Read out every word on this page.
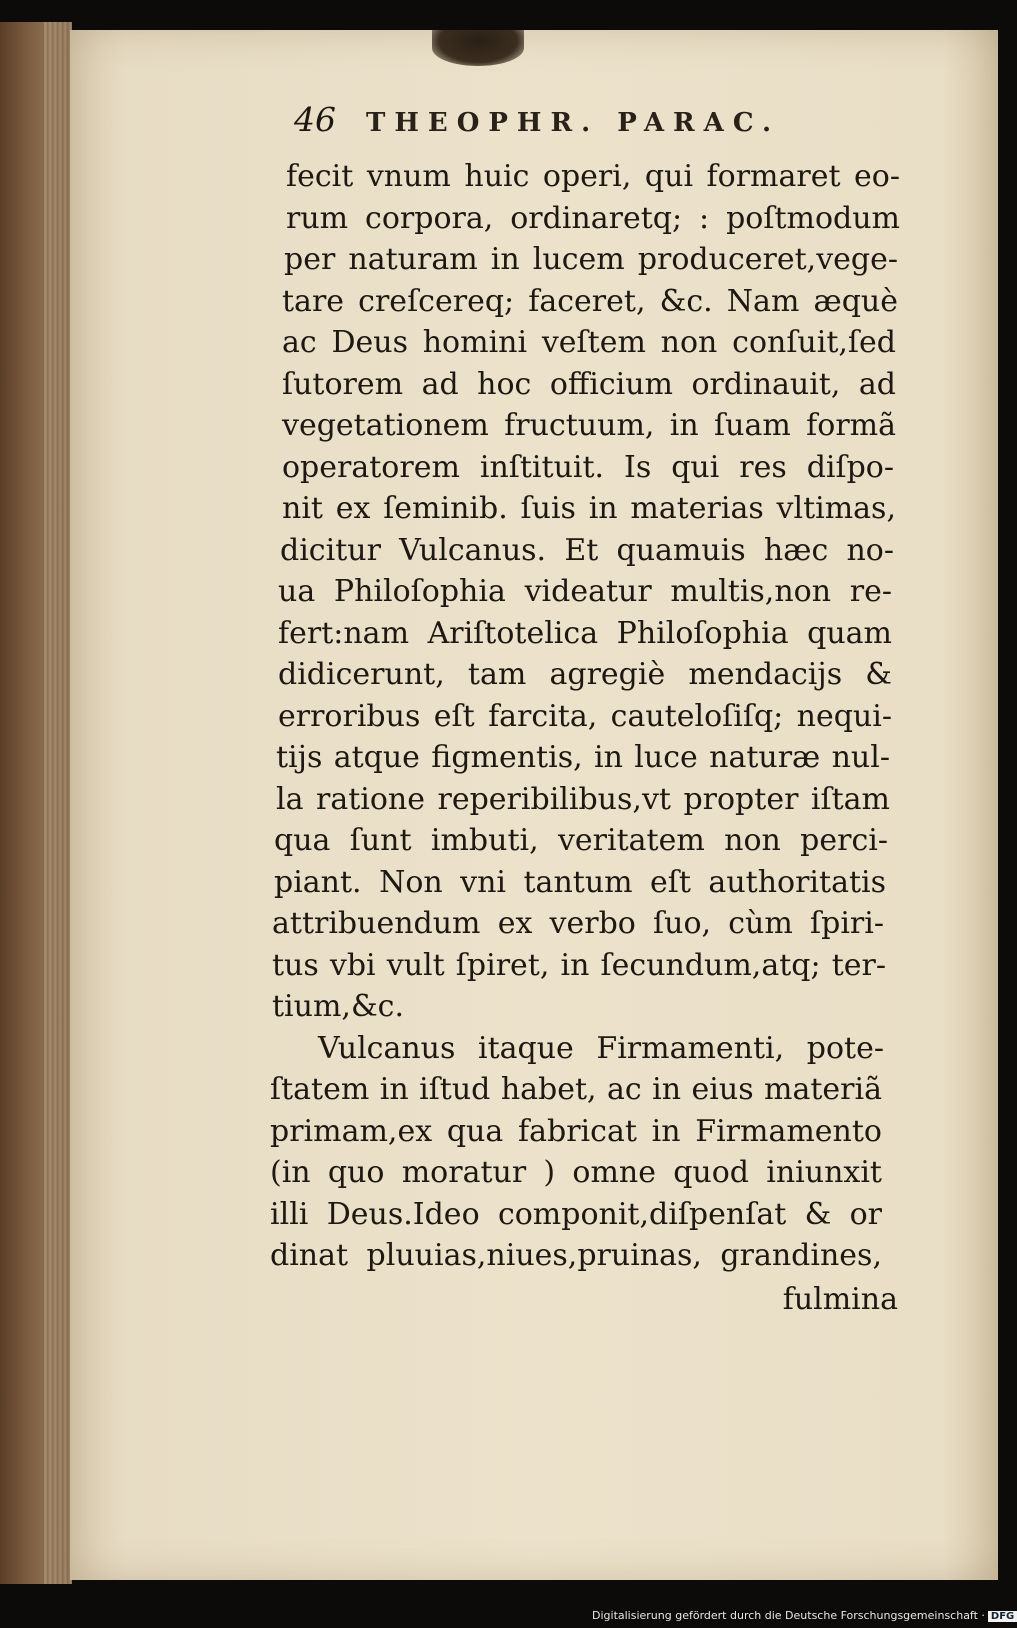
46 THEOPHR. PARAC.
fecit vnum huic operi, qui formaret eo-
rum corpora, ordinaretq; : poſtmodum
per naturam in lucem produceret,vege-
tare creſcereq; faceret, &c. Nam æquè
ac Deus homini veſtem non conſuit,ſed
ſutorem ad hoc officium ordinauit, ad
vegetationem fructuum, in ſuam formã
operatorem inſtituit. Is qui res diſpo-
nit ex ſeminib. ſuis in materias vltimas,
dicitur Vulcanus. Et quamuis hæc no-
ua Philoſophia videatur multis,non re-
fert:nam Ariſtotelica Philoſophia quam
didicerunt, tam agregiè mendacijs &
erroribus eſt farcita, cauteloſiſq; nequi-
tijs atque figmentis, in luce naturæ nul-
la ratione reperibilibus,vt propter iſtam
qua ſunt imbuti, veritatem non perci-
piant. Non vni tantum eſt authoritatis
attribuendum ex verbo ſuo, cùm ſpiri-
tus vbi vult ſpiret, in ſecundum,atq; ter-
tium,&c.
Vulcanus itaque Firmamenti, pote-
ſtatem in iſtud habet, ac in eius materiã
primam,ex qua fabricat in Firmamento
(in quo moratur ) omne quod iniunxit
illi Deus.Ideo componit,diſpenſat & or
dinat pluuias,niues,pruinas, grandines,
fulmina
Digitalisierung gefördert durch die Deutsche Forschungsgemeinschaft · DFG
